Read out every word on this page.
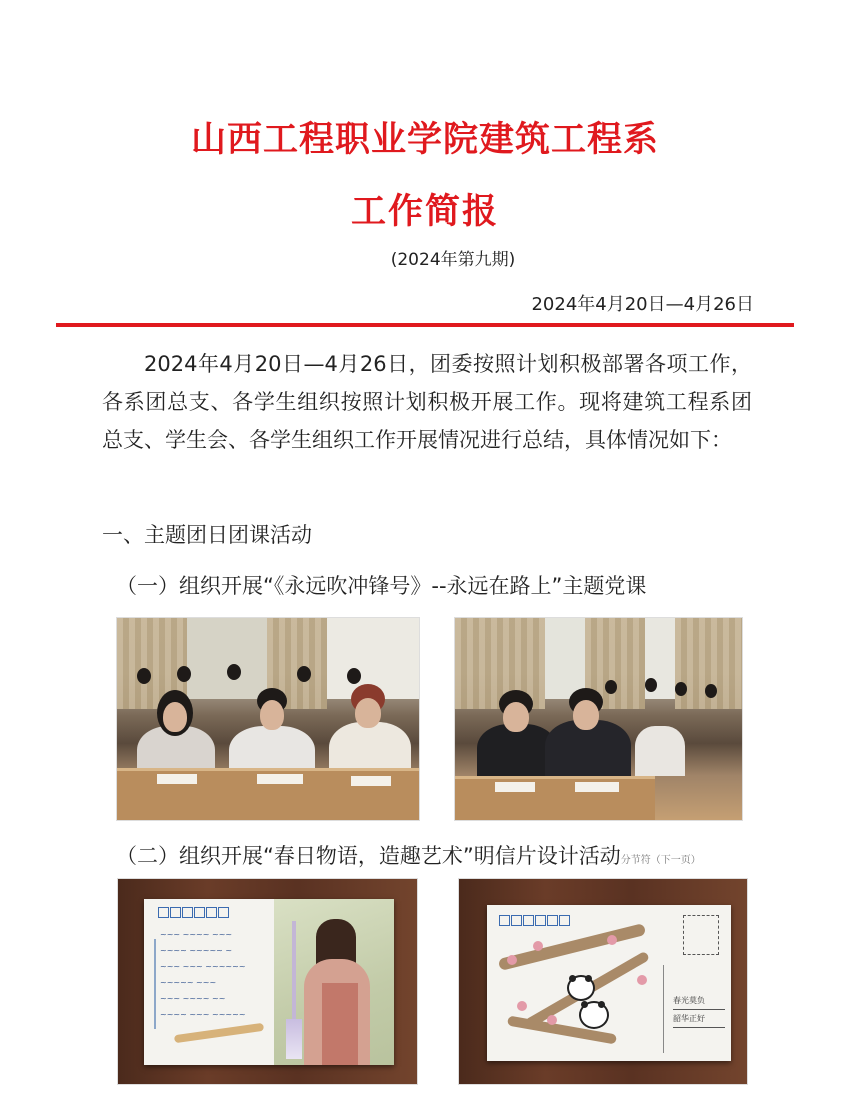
山西工程职业学院建筑工程系
工作简报
(2024年第九期)
2024年4月20日—4月26日
2024年4月20日—4月26日，团委按照计划积极部署各项工作，各系团总支、各学生组织按照计划积极开展工作。现将建筑工程系团总支、学生会、各学生组织工作开展情况进行总结，具体情况如下：
一、主题团日团课活动
（一）组织开展“《永远吹冲锋号》--永远在路上”主题党课
（二）组织开展“春日物语，造趣艺术”明信片设计活动分节符（下一页）
~~~ ~~~~ ~~~
~~~~ ~~~~~ ~
~~~ ~~~ ~~~~~~
~~~~~ ~~~
~~~ ~~~~ ~~
~~~~ ~~~ ~~~~~
春光莫负
韶华正好
